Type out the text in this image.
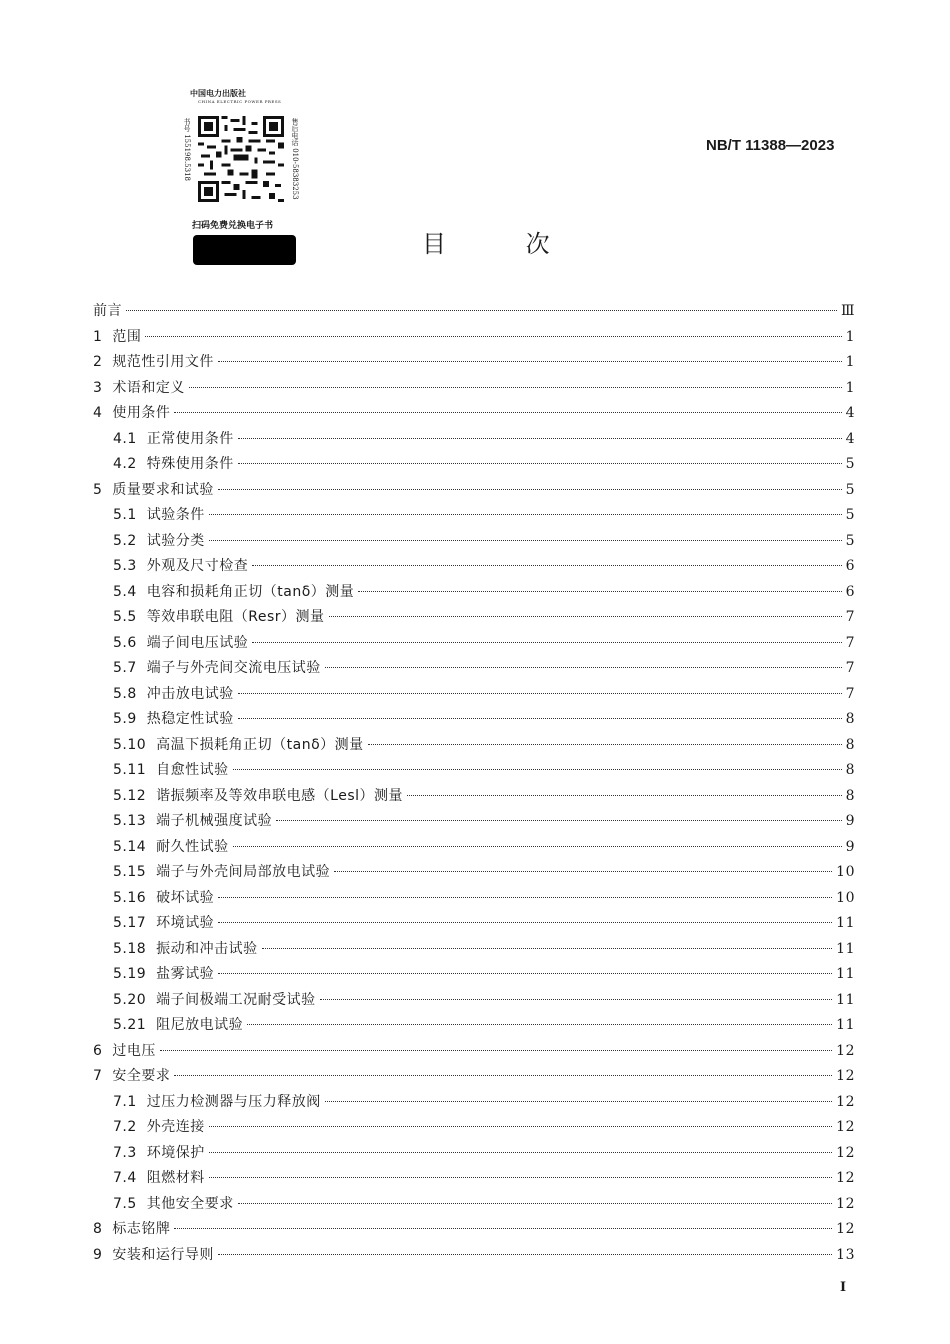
中国电力出版社
CHINA ELECTRIC POWER PRESS
书号 155198.5318	售后电话 010-58383253
扫码免费兑换电子书
NB/T 11388—2023
目 次
前言	Ⅲ
1 范围	1
2 规范性引用文件	1
3 术语和定义	1
4 使用条件	4
4.1 正常使用条件	4
4.2 特殊使用条件	5
5 质量要求和试验	5
5.1 试验条件	5
5.2 试验分类	5
5.3 外观及尺寸检查	6
5.4 电容和损耗角正切（tanδ）测量	6
5.5 等效串联电阻（Resr）测量	7
5.6 端子间电压试验	7
5.7 端子与外壳间交流电压试验	7
5.8 冲击放电试验	7
5.9 热稳定性试验	8
5.10 高温下损耗角正切（tanδ）测量	8
5.11 自愈性试验	8
5.12 谐振频率及等效串联电感（Lesl）测量	8
5.13 端子机械强度试验	9
5.14 耐久性试验	9
5.15 端子与外壳间局部放电试验	10
5.16 破坏试验	10
5.17 环境试验	11
5.18 振动和冲击试验	11
5.19 盐雾试验	11
5.20 端子间极端工况耐受试验	11
5.21 阻尼放电试验	11
6 过电压	12
7 安全要求	12
7.1 过压力检测器与压力释放阀	12
7.2 外壳连接	12
7.3 环境保护	12
7.4 阻燃材料	12
7.5 其他安全要求	12
8 标志铭牌	12
9 安装和运行导则	13
I
